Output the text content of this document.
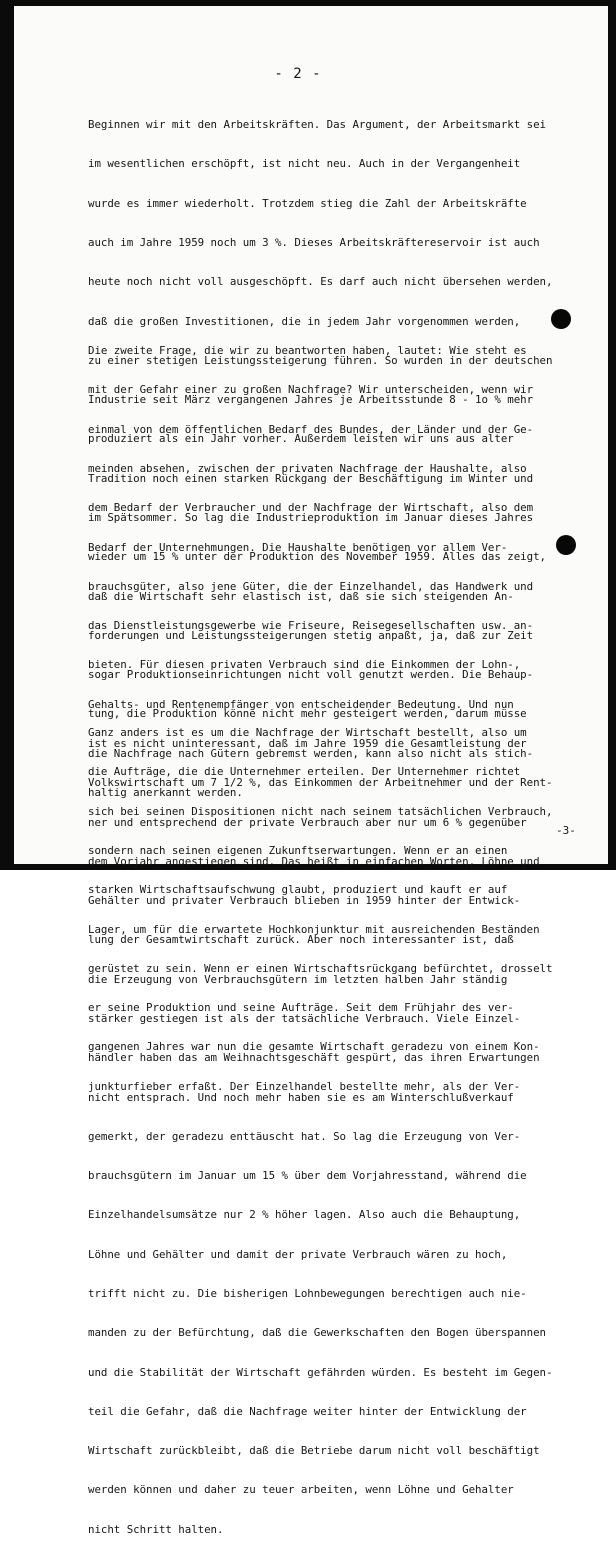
- 2 -

Beginnen wir mit den Arbeitskräften. Das Argument, der Arbeitsmarkt sei

im wesentlichen erschöpft, ist nicht neu. Auch in der Vergangenheit

wurde es immer wiederholt. Trotzdem stieg die Zahl der Arbeitskräfte

auch im Jahre 1959 noch um 3 %. Dieses Arbeitskräftereservoir ist auch

heute noch nicht voll ausgeschöpft. Es darf auch nicht übersehen werden,

daß die großen Investitionen, die in jedem Jahr vorgenommen werden,

zu einer stetigen Leistungssteigerung führen. So wurden in der deutschen

Industrie seit März vergangenen Jahres je Arbeitsstunde 8 - 1o % mehr

produziert als ein Jahr vorher. Außerdem leisten wir uns aus alter

Tradition noch einen starken Rückgang der Beschäftigung im Winter und

im Spätsommer. So lag die Industrieproduktion im Januar dieses Jahres

wieder um 15 % unter der Produktion des November 1959. Alles das zeigt,

daß die Wirtschaft sehr elastisch ist, daß sie sich steigenden An-

forderungen und Leistungssteigerungen stetig anpaßt, ja, daß zur Zeit

sogar Produktionseinrichtungen nicht voll genutzt werden. Die Behaup-

tung, die Produktion könne nicht mehr gesteigert werden, darum müsse

die Nachfrage nach Gütern gebremst werden, kann also nicht als stich-

haltig anerkannt werden.

Die zweite Frage, die wir zu beantworten haben, lautet: Wie steht es

mit der Gefahr einer zu großen Nachfrage? Wir unterscheiden, wenn wir

einmal von dem öffentlichen Bedarf des Bundes, der Länder und der Ge-

meinden absehen, zwischen der privaten Nachfrage der Haushalte, also

dem Bedarf der Verbraucher und der Nachfrage der Wirtschaft, also dem

Bedarf der Unternehmungen. Die Haushalte benötigen vor allem Ver-

brauchsgüter, also jene Güter, die der Einzelhandel, das Handwerk und

das Dienstleistungsgewerbe wie Friseure, Reisegesellschaften usw. an-

bieten. Für diesen privaten Verbrauch sind die Einkommen der Lohn-,

Gehalts- und Rentenempfänger von entscheidender Bedeutung. Und nun

ist es nicht uninteressant, daß im Jahre 1959 die Gesamtleistung der

Volkswirtschaft um 7 1/2 %, das Einkommen der Arbeitnehmer und der Rent-

ner und entsprechend der private Verbrauch aber nur um 6 % gegenüber

dem Vorjahr angestiegen sind. Das heißt in einfachen Worten, Löhne und

Gehälter und privater Verbrauch blieben in 1959 hinter der Entwick-

lung der Gesamtwirtschaft zurück. Aber noch interessanter ist, daß

die Erzeugung von Verbrauchsgütern im letzten halben Jahr ständig

stärker gestiegen ist als der tatsächliche Verbrauch. Viele Einzel-

händler haben das am Weihnachtsgeschäft gespürt, das ihren Erwartungen

nicht entsprach. Und noch mehr haben sie es am Winterschlußverkauf

gemerkt, der geradezu enttäuscht hat. So lag die Erzeugung von Ver-

brauchsgütern im Januar um 15 % über dem Vorjahresstand, während die

Einzelhandelsumsätze nur 2 % höher lagen. Also auch die Behauptung,

Löhne und Gehälter und damit der private Verbrauch wären zu hoch,

trifft nicht zu. Die bisherigen Lohnbewegungen berechtigen auch nie-

manden zu der Befürchtung, daß die Gewerkschaften den Bogen überspannen

und die Stabilität der Wirtschaft gefährden würden. Es besteht im Gegen-

teil die Gefahr, daß die Nachfrage weiter hinter der Entwicklung der

Wirtschaft zurückbleibt, daß die Betriebe darum nicht voll beschäftigt

werden können und daher zu teuer arbeiten, wenn Löhne und Gehalter

nicht Schritt halten.

Ganz anders ist es um die Nachfrage der Wirtschaft bestellt, also um

die Aufträge, die die Unternehmer erteilen. Der Unternehmer richtet

sich bei seinen Dispositionen nicht nach seinem tatsächlichen Verbrauch,

sondern nach seinen eigenen Zukunftserwartungen. Wenn er an einen

starken Wirtschaftsaufschwung glaubt, produziert und kauft er auf

Lager, um für die erwartete Hochkonjunktur mit ausreichenden Beständen

gerüstet zu sein. Wenn er einen Wirtschaftsrückgang befürchtet, drosselt

er seine Produktion und seine Aufträge. Seit dem Frühjahr des ver-

gangenen Jahres war nun die gesamte Wirtschaft geradezu von einem Kon-

junkturfieber erfaßt. Der Einzelhandel bestellte mehr, als der Ver-

-3-
